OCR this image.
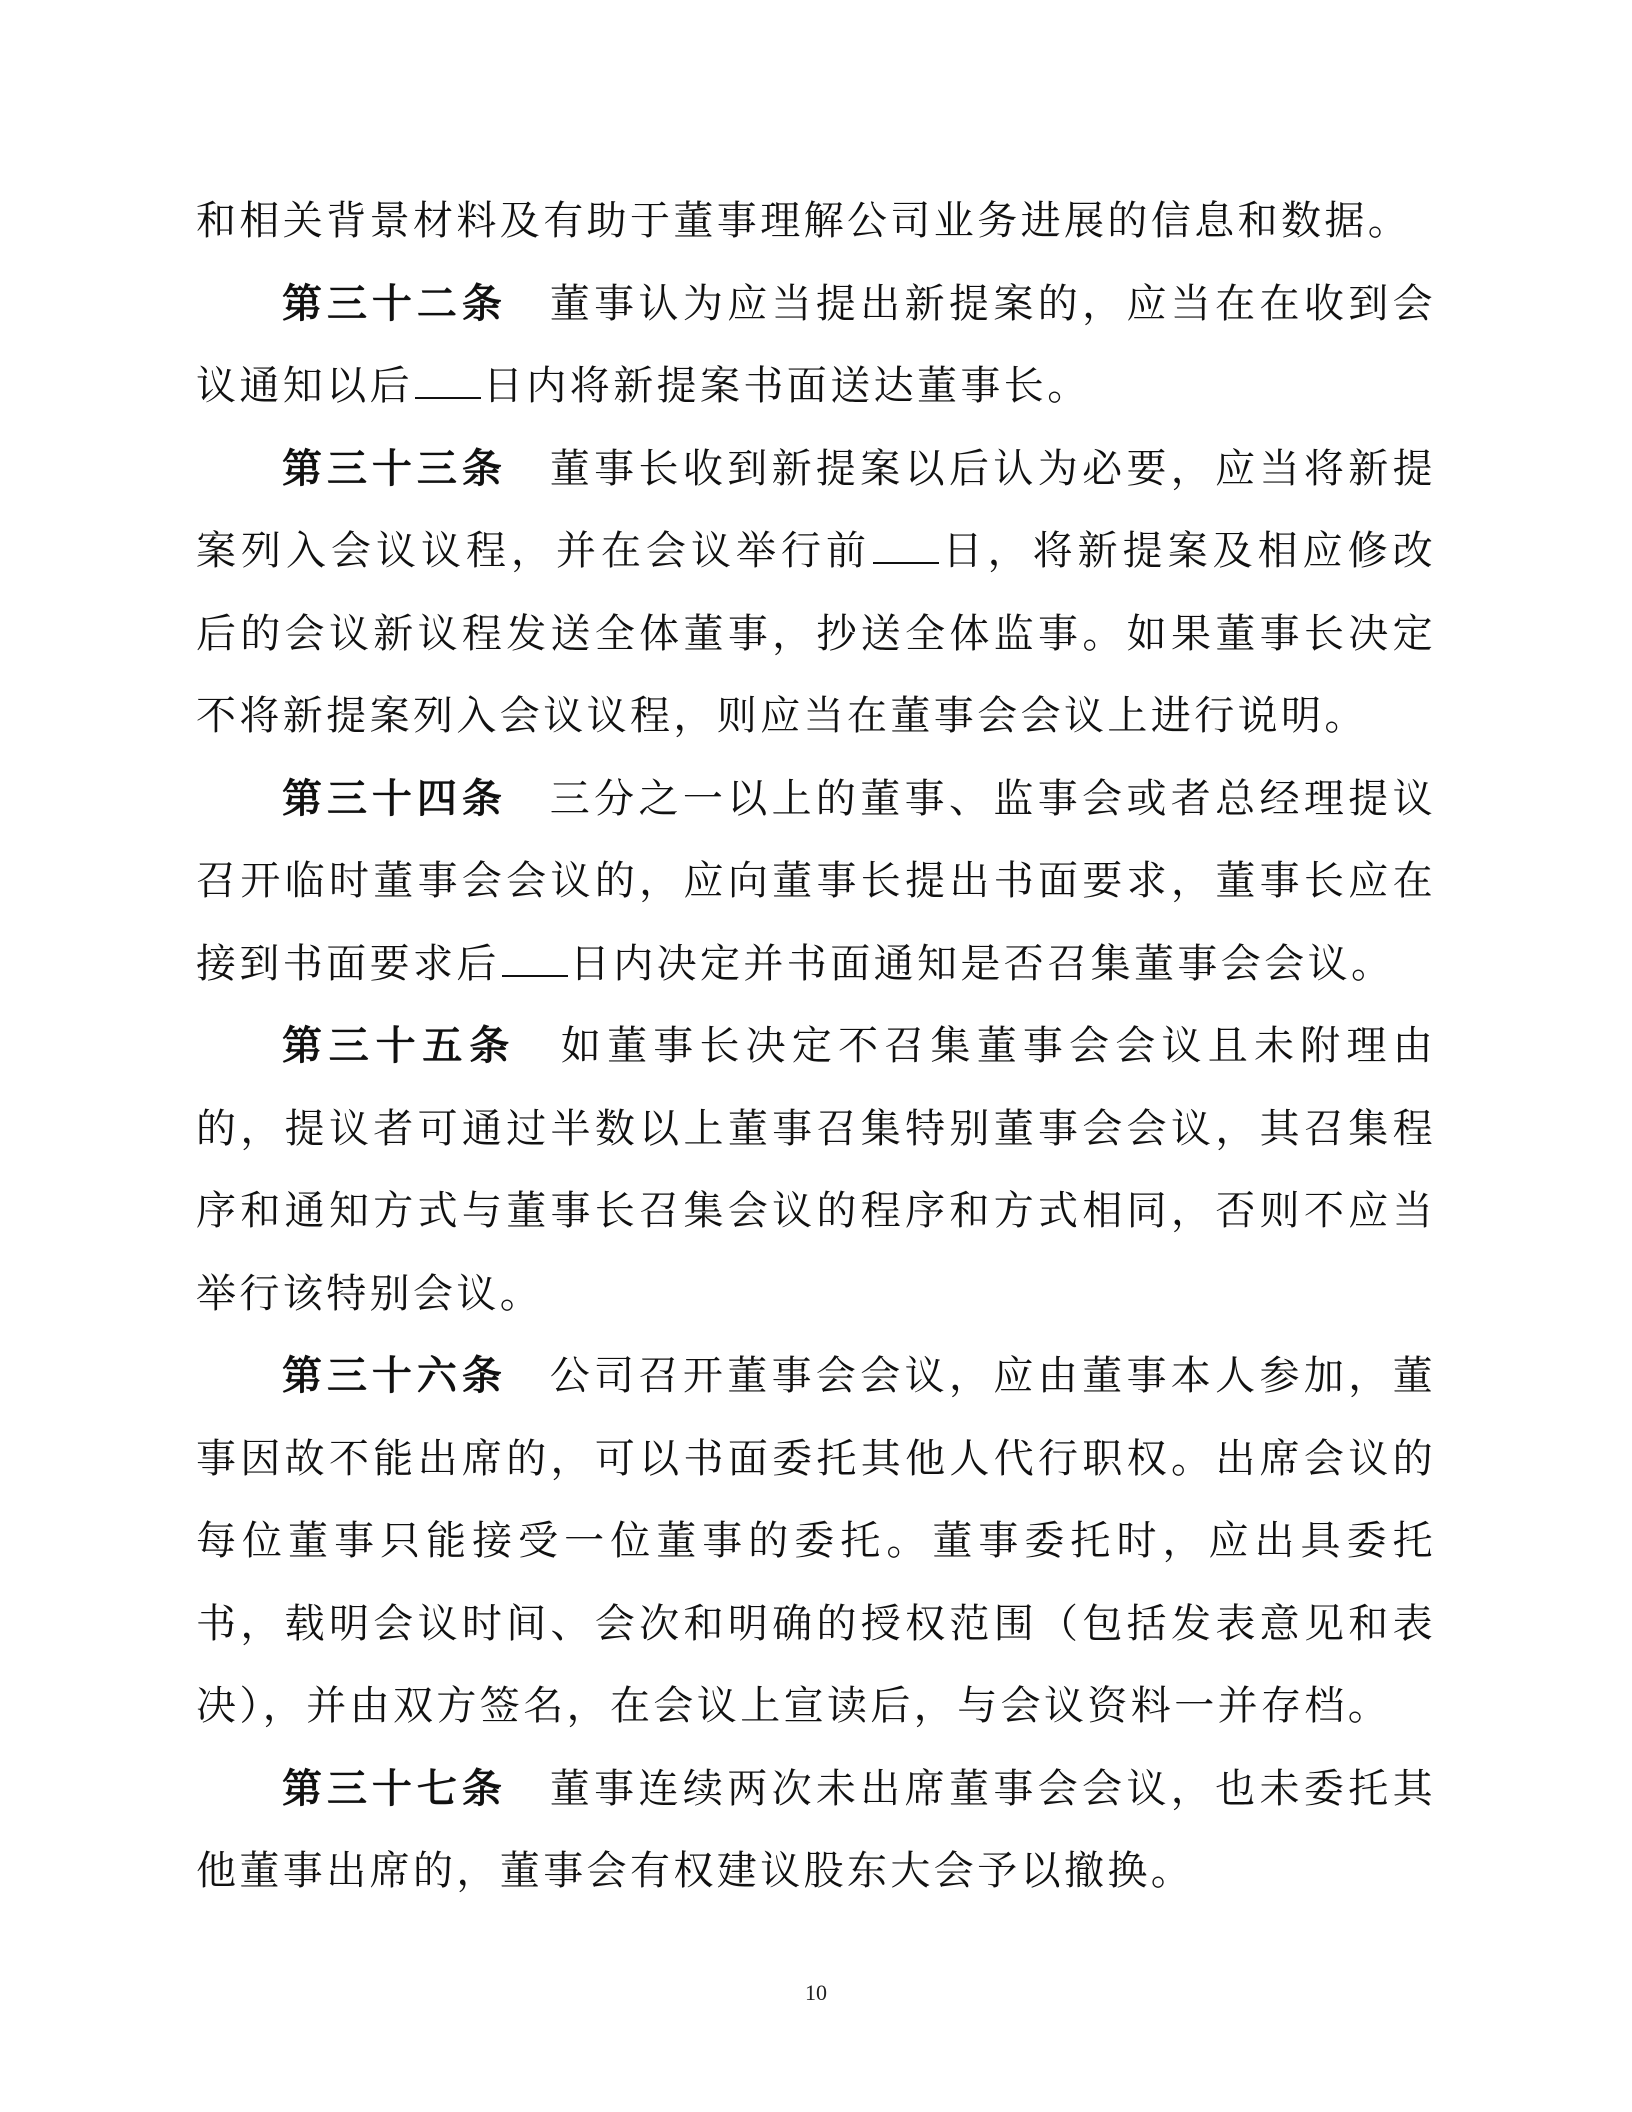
和相关背景材料及有助于董事理解公司业务进展的信息和数据。

第三十二条 董事认为应当提出新提案的，应当在在收到会议通知以后 日内将新提案书面送达董事长。

第三十三条 董事长收到新提案以后认为必要，应当将新提案列入会议议程，并在会议举行前 日，将新提案及相应修改后的会议新议程发送全体董事，抄送全体监事。如果董事长决定不将新提案列入会议议程，则应当在董事会会议上进行说明。

第三十四条 三分之一以上的董事、监事会或者总经理提议召开临时董事会会议的，应向董事长提出书面要求，董事长应在接到书面要求后 日内决定并书面通知是否召集董事会会议。

第三十五条 如董事长决定不召集董事会会议且未附理由的，提议者可通过半数以上董事召集特别董事会会议，其召集程序和通知方式与董事长召集会议的程序和方式相同，否则不应当举行该特别会议。

第三十六条 公司召开董事会会议，应由董事本人参加，董事因故不能出席的，可以书面委托其他人代行职权。出席会议的每位董事只能接受一位董事的委托。董事委托时，应出具委托书，载明会议时间、会次和明确的授权范围（包括发表意见和表决），并由双方签名，在会议上宣读后，与会议资料一并存档。

第三十七条 董事连续两次未出席董事会会议，也未委托其他董事出席的，董事会有权建议股东大会予以撤换。

10
